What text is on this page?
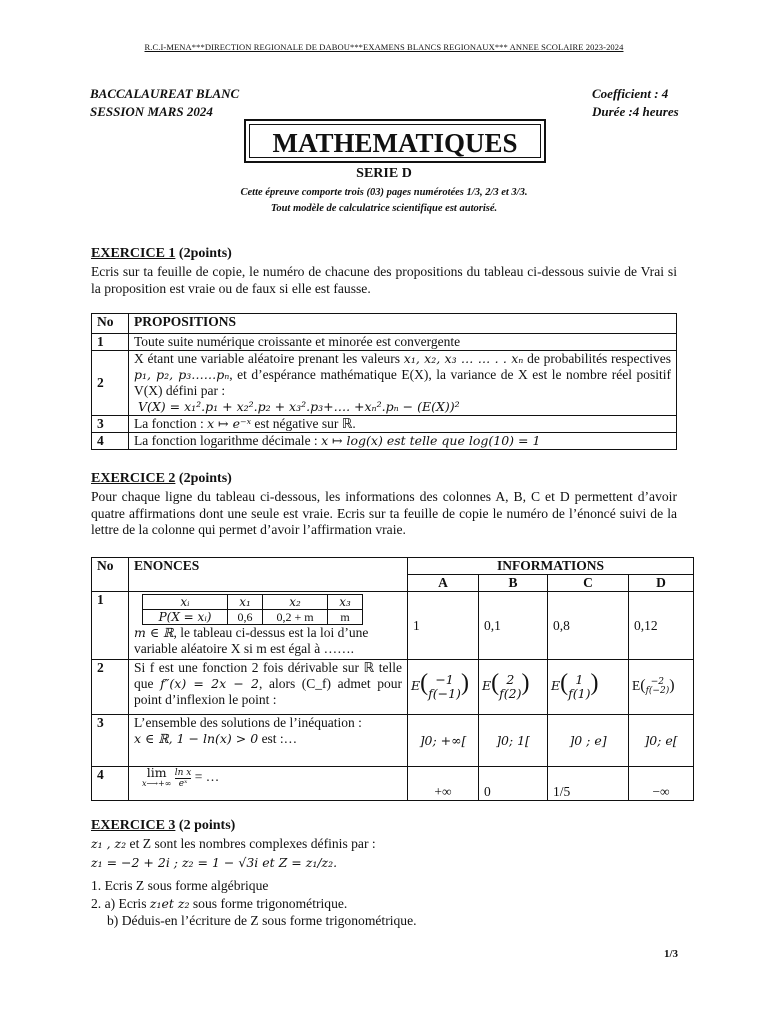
R.C.I-MENA***DIRECTION REGIONALE DE DABOU***EXAMENS BLANCS REGIONAUX*** ANNEE SCOLAIRE 2023-2024
BACCALAUREAT BLANC
SESSION MARS 2024
Coefficient : 4
Durée :4 heures
MATHEMATIQUES
SERIE D
Cette épreuve comporte trois (03) pages numérotées 1/3, 2/3 et 3/3.
Tout modèle de calculatrice scientifique est autorisé.
EXERCICE 1 (2points)
Ecris sur ta feuille de copie, le numéro de chacune des propositions du tableau ci-dessous suivie de Vrai si la proposition est vraie ou de faux si elle est fausse.
No	PROPOSITIONS
1	Toute suite numérique croissante et minorée est convergente
2	X étant une variable aléatoire prenant les valeurs x₁, x₂, x₃ … … . . xₙ de probabilités respectives p₁, p₂, p₃……pₙ, et d’espérance mathématique E(X), la variance de X est le nombre réel positif V(X) défini par :
V(X) = x₁².p₁ + x₂².p₂ + x₃².p₃+…. +xₙ².pₙ − (E(X))²

3	La fonction : x ↦ e⁻ˣ est négative sur ℝ.
4	La fonction logarithme décimale : x ↦ log(x) est telle que log(10) = 1
EXERCICE 2 (2points)
Pour chaque ligne du tableau ci-dessous, les informations des colonnes A, B, C et D permettent d’avoir quatre affirmations dont une seule est vraie. Ecris sur ta feuille de copie le numéro de l’énoncé suivi de la lettre de la colonne qui permet d’avoir l’affirmation vraie.
No	ENONCES	INFORMATIONS
A	B	C	D
1		xᵢ	x₁	x₂	x₃
P(X = xᵢ)	0,6	0,2 + m	m
m ∈ ℝ, le tableau ci-dessus est la loi d’une variable aléatoire X si m est égal à …….
	1	0,1	0,8	0,12
2	Si f est une fonction 2 fois dérivable sur ℝ telle que f″(x) = 2x − 2, alors (C_f) admet pour point d’inflexion le point :	E( −1
f(−1) )	E( 2
f(2) )	E( 1
f(1) )	E( −2
f(−2) )
3	L’ensemble des solutions de l’inéquation :
x ∈ ℝ, 1 − ln(x) > 0 est :…	]0; +∞[	]0; 1[	]0 ; e]	]0; e[
4	lim
x⟶+∞
$\frac{\text{ln x}}{\text{eˣ}}$ = …	+∞	0	1/5	−∞
EXERCICE 3 (2 points)
z₁ , z₂ et Z sont les nombres complexes définis par :
z₁ = −2 + 2i ; z₂ = 1 − √3i et Z = z₁/z₂.
1. Ecris Z sous forme algébrique
2. a) Ecris z₁et z₂ sous forme trigonométrique.
b) Déduis-en l’écriture de Z sous forme trigonométrique.
1/3
